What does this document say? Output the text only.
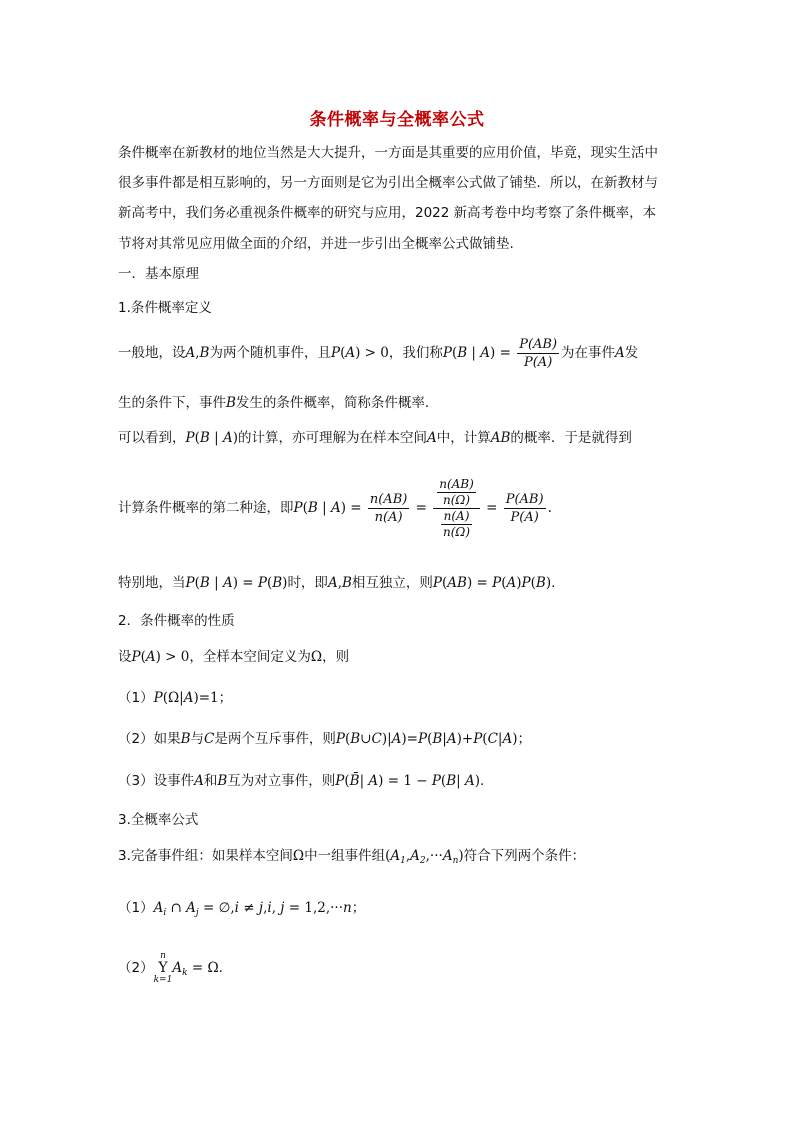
条件概率与全概率公式
条件概率在新教材的地位当然是大大提升，一方面是其重要的应用价值，毕竟，现实生活中
很多事件都是相互影响的，另一方面则是它为引出全概率公式做了铺垫．所以，在新教材与
新高考中，我们务必重视条件概率的研究与应用，2022 新高考卷中均考察了条件概率，本
节将对其常见应用做全面的介绍，并进一步引出全概率公式做铺垫.
一．基本原理
1.条件概率定义
一般地，设A,B为两个随机事件，且P(A) > 0，我们称P(B | $A) = \frac{P(AB)}{P(A)}$ 为在事件A发
生的条件下，事件B发生的条件概率，简称条件概率.
可以看到，P(B | A)的计算，亦可理解为在样本空间A中，计算AB的概率．于是就得到
计算条件概率的第二种途，即P(B | $A) = \frac{n(AB)}{n(A)} = \frac{\frac{n(AB)}{n(\Omega)}}{\frac{n(A)}{n(\Omega)}} = \frac{P(AB)}{P(A)}$ .
特别地，当P(B | A) = P(B)时，即A,B相互独立，则P(AB) = P(A)P(B).
2．条件概率的性质
设P(A) > 0，全样本空间定义为Ω，则
（1）P(Ω|A)=1；
（2）如果B与C是两个互斥事件，则P(B∪C)|A)=P(B|A)+P(C|A)；
（3）设事件A和B互为对立事件，则P(B̄| A) = 1 − P(B| A).
3.全概率公式
3.完备事件组：如果样本空间Ω中一组事件组$(A_1,A_2,\cdot\cdot\cdot A_n)$符合下列两个条件：
$(1)A_i$ ∩ $A_j$ = ∅,i ≠ j,i, j = 1,2,···n；
（2）
n
Y
k=1
$A_k = \Omega$.
